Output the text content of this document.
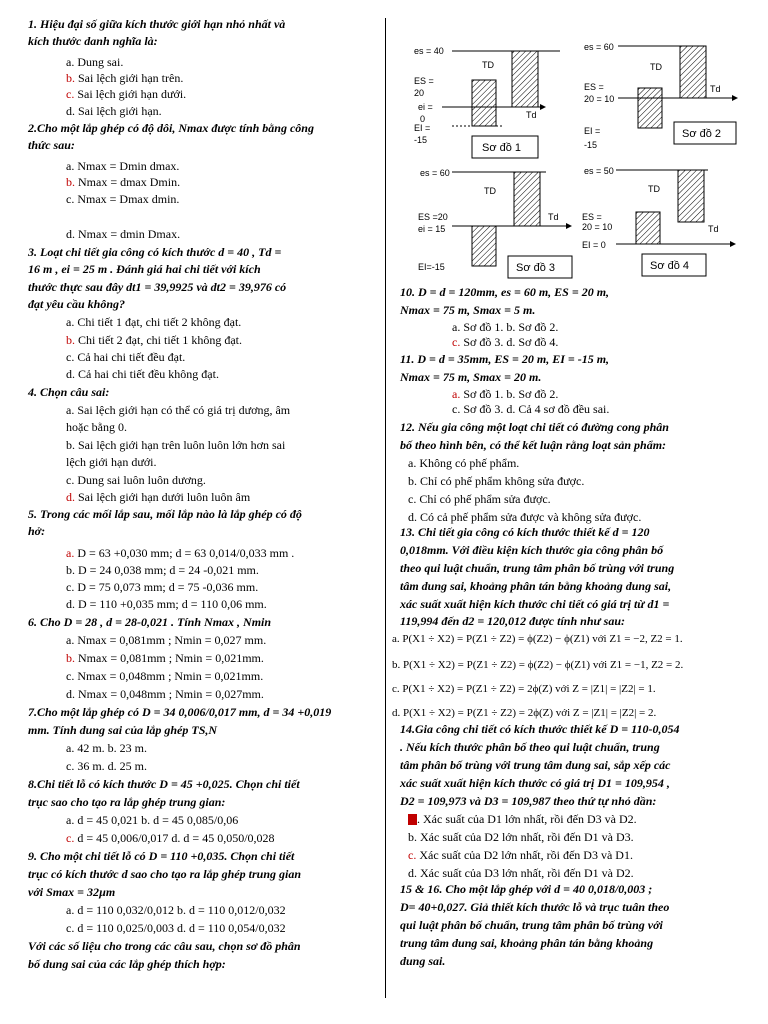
1. Hiệu đại số giữa kích thước giới hạn nhỏ nhất và
kích thước danh nghĩa là:
a. Dung sai.
b. Sai lệch giới hạn trên.
c. Sai lệch giới hạn dưới.
d. Sai lệch giới hạn.
2.Cho một lắp ghép có độ dôi, Nmax được tính bằng công
thức sau:
a. Nmax = Dmin dmax.
b. Nmax = dmax Dmin.
c. Nmax = Dmax dmin.
d. Nmax = dmin Dmax.
3. Loạt chi tiết gia công có kích thước d = 40 , Td =
16 m , ei = 25 m . Đánh giá hai chi tiết với kích
thước thực sau đây dt1 = 39,9925 và dt2 = 39,976 có
đạt yêu cầu không?
a. Chi tiết 1 đạt, chi tiết 2 không đạt.
b. Chi tiết 2 đạt, chi tiết 1 không đạt.
c. Cả hai chi tiết đều đạt.
d. Cả hai chi tiết đều không đạt.
4. Chọn câu sai:
a. Sai lệch giới hạn có thể có giá trị dương, âm
hoặc bằng 0.
b. Sai lệch giới hạn trên luôn luôn lớn hơn sai
lệch giới hạn dưới.
c. Dung sai luôn luôn dương.
d. Sai lệch giới hạn dưới luôn luôn âm
5. Trong các mối lắp sau, mối lắp nào là lắp ghép có độ
hở:
a. D = 63 +0,030 mm; d = 63 0,014/0,033 mm .
b. D = 24 0,038 mm; d = 24 -0,021 mm.
c. D = 75 0,073 mm; d = 75 -0,036 mm.
d. D = 110 +0,035 mm; d = 110 0,06 mm.
6. Cho D = 28 , d = 28-0,021 . Tính Nmax , Nmin
a. Nmax = 0,081mm ; Nmin = 0,027 mm.
b. Nmax = 0,081mm ; Nmin = 0,021mm.
c. Nmax = 0,048mm ; Nmin = 0,021mm.
d. Nmax = 0,048mm ; Nmin = 0,027mm.
7.Cho một lắp ghép có D = 34 0,006/0,017 mm, d = 34 +0,019
mm. Tính dung sai của lắp ghép TS,N
a. 42 m. b. 23 m.
c. 36 m. d. 25 m.
8.Chi tiết lỗ có kích thước D = 45 +0,025. Chọn chi tiết
trục sao cho tạo ra lắp ghép trung gian:
a. d = 45 0,021 b. d = 45 0,085/0,06
c. d = 45 0,006/0,017 d. d = 45 0,050/0,028
9. Cho một chi tiết lỗ có D = 110 +0,035. Chọn chi tiết
trục có kích thước d sao cho tạo ra lắp ghép trung gian
với Smax = 32µm
a. d = 110 0,032/0,012 b. d = 110 0,012/0,032
c. d = 110 0,025/0,003 d. d = 110 0,054/0,032
Với các số liệu cho trong các câu sau, chọn sơ đồ phân
bố dung sai của các lắp ghép thích hợp:
10. D = d = 120mm, es = 60 m, ES = 20 m,
Nmax = 75 m, Smax = 5 m.
a. Sơ đồ 1. b. Sơ đồ 2.
c. Sơ đồ 3. d. Sơ đồ 4.
11. D = d = 35mm, ES = 20 m, EI = -15 m,
Nmax = 75 m, Smax = 20 m.
a. Sơ đồ 1. b. Sơ đồ 2.
c. Sơ đồ 3. d. Cả 4 sơ đồ đều sai.
12. Nếu gia công một loạt chi tiết có đường cong phân
bố theo hình bên, có thể kết luận rằng loạt sản phẩm:
a. Không có phế phẩm.
b. Chỉ có phế phẩm không sửa được.
c. Chỉ có phế phẩm sửa được.
d. Có cả phế phẩm sửa được và không sửa được.
13. Chi tiết gia công có kích thước thiết kế d = 120
0,018mm. Với điều kiện kích thước gia công phân bố
theo qui luật chuẩn, trung tâm phân bố trùng với trung
tâm dung sai, khoảng phân tán bằng khoảng dung sai,
xác suất xuất hiện kích thước chi tiết có giá trị từ d1 =
119,994 đến d2 = 120,012 được tính như sau:
14.Gia công chi tiết có kích thước thiết kế D = 110-0,054
. Nếu kích thước phân bố theo qui luật chuẩn, trung
tâm phân bố trùng với trung tâm dung sai, sắp xếp các
xác suất xuất hiện kích thước có giá trị D1 = 109,954 ,
D2 = 109,973 và D3 = 109,987 theo thứ tự nhỏ dần:
. Xác suất của D1 lớn nhất, rồi đến D3 và D2.
b. Xác suất của D2 lớn nhất, rồi đến D1 và D3.
c. Xác suất của D2 lớn nhất, rồi đến D3 và D1.
d. Xác suất của D3 lớn nhất, rồi đến D1 và D2.
15 & 16. Cho một lắp ghép với d = 40 0,018/0,003 ;
D= 40+0,027. Giả thiết kích thước lỗ và trục tuân theo
qui luật phân bố chuẩn, trung tâm phân bố trùng với
trung tâm dung sai, khoảng phân tán bằng khoảng
dung sai.
es = 40
ES =
20
ei =
0
EI =
-15
TD
Td
Sơ đồ 1
es = 60
ES =
20 = 10
EI =
-15
TD
Td
Sơ đồ 2
es = 60
ES =20
ei = 15
EI=-15
TD
Td
Sơ đồ 3
es = 50
ES =
20 = 10
EI = 0
TD
Td
Sơ đồ 4
a. P(X1 ÷ X2) = P(Z1 ÷ Z2) = ϕ(Z2) − ϕ(Z1) với Z1 = −2, Z2 = 1.
b. P(X1 ÷ X2) = P(Z1 ÷ Z2) = ϕ(Z2) − ϕ(Z1) với Z1 = −1, Z2 = 2.
c. P(X1 ÷ X2) = P(Z1 ÷ Z2) = 2ϕ(Z) với Z = |Z1| = |Z2| = 1.
d. P(X1 ÷ X2) = P(Z1 ÷ Z2) = 2ϕ(Z) với Z = |Z1| = |Z2| = 2.
